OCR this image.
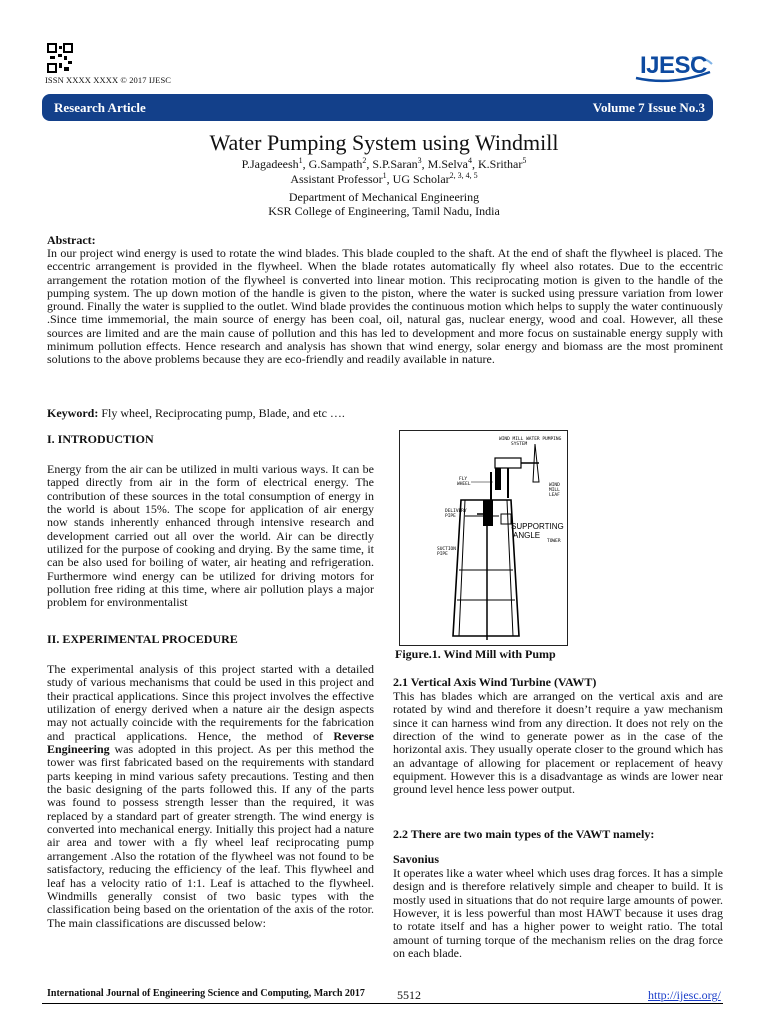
ISSN XXXX XXXX © 2017 IJESC
IJESC
Research Article	Volume 7 Issue No.3
Water Pumping System using Windmill
P.Jagadeesh$^1$, G.Sampath$^2$, S.P.Saran$^3$, M.Selva$^4$, K.Srithar$^5$
Assistant Professor$^1$, UG Scholar$^{2, 3, 4, 5}$
Department of Mechanical Engineering
KSR College of Engineering, Tamil Nadu, India
Abstract:
In our project wind energy is used to rotate the wind blades. This blade coupled to the shaft. At the end of shaft the flywheel is placed. The eccentric arrangement is provided in the flywheel. When the blade rotates automatically fly wheel also rotates. Due to the eccentric arrangement the rotation motion of the flywheel is converted into linear motion. This reciprocating motion is given to the handle of the pumping system. The up down motion of the handle is given to the piston, where the water is sucked using pressure variation from lower ground. Finally the water is supplied to the outlet. Wind blade provides the continuous motion which helps to supply the water continuously .Since time immemorial, the main source of energy has been coal, oil, natural gas, nuclear energy, wood and coal. However, all these sources are limited and are the main cause of pollution and this has led to development and more focus on sustainable energy supply with minimum pollution effects. Hence research and analysis has shown that wind energy, solar energy and biomass are the most prominent solutions to the above problems because they are eco-friendly and readily available in nature.
Keyword: Fly wheel, Reciprocating pump, Blade, and etc ….
I. INTRODUCTION
Energy from the air can be utilized in multi various ways. It can be tapped directly from air in the form of electrical energy. The contribution of these sources in the total consumption of energy in the world is about 15%. The scope for application of air energy now stands inherently enhanced through intensive research and development carried out all over the world. Air can be directly utilized for the purpose of cooking and drying. By the same time, it can be also used for boiling of water, air heating and refrigeration. Furthermore wind energy can be utilized for driving motors for pollution free riding at this time, where air pollution plays a major problem for environmentalist
II. EXPERIMENTAL PROCEDURE
The experimental analysis of this project started with a detailed study of various mechanisms that could be used in this project and their practical applications. Since this project involves the effective utilization of energy derived when a nature air the design aspects may not actually coincide with the requirements for the fabrication and practical applications. Hence, the method of Reverse Engineering was adopted in this project. As per this method the tower was first fabricated based on the requirements with standard parts keeping in mind various safety precautions. Testing and then the basic designing of the parts followed this. If any of the parts was found to possess strength lesser than the required, it was replaced by a standard part of greater strength. The wind energy is converted into mechanical energy. Initially this project had a nature air area and tower with a fly wheel leaf reciprocating pump arrangement .Also the rotation of the flywheel was not found to be satisfactory, reducing the efficiency of the leaf. This flywheel and leaf has a velocity ratio of 1:1. Leaf is attached to the flywheel. Windmills generally consist of two basic types with the classification being based on the orientation of the axis of the rotor. The main classifications are discussed below:
WIND MILL WATER PUMPING
SYSTEM
FLY
WHEEL	WIND
MILL
LEAF
DELIVERY
PIPE
SUPPORTING
ANGLE
TOWER
SUCTION
PIPE
Figure.1. Wind Mill with Pump
2.1 Vertical Axis Wind Turbine (VAWT)
This has blades which are arranged on the vertical axis and are rotated by wind and therefore it doesn’t require a yaw mechanism since it can harness wind from any direction. It does not rely on the direction of the wind to generate power as in the case of the horizontal axis. They usually operate closer to the ground which has an advantage of allowing for placement or replacement of heavy equipment. However this is a disadvantage as winds are lower near ground level hence less power output.
2.2 There are two main types of the VAWT namely:
Savonius
It operates like a water wheel which uses drag forces. It has a simple design and is therefore relatively simple and cheaper to build. It is mostly used in situations that do not require large amounts of power. However, it is less powerful than most HAWT because it uses drag to rotate itself and has a higher power to weight ratio. The total amount of turning torque of the mechanism relies on the drag force on each blade.
International Journal of Engineering Science and Computing, March 2017	5512	http://ijesc.org/
